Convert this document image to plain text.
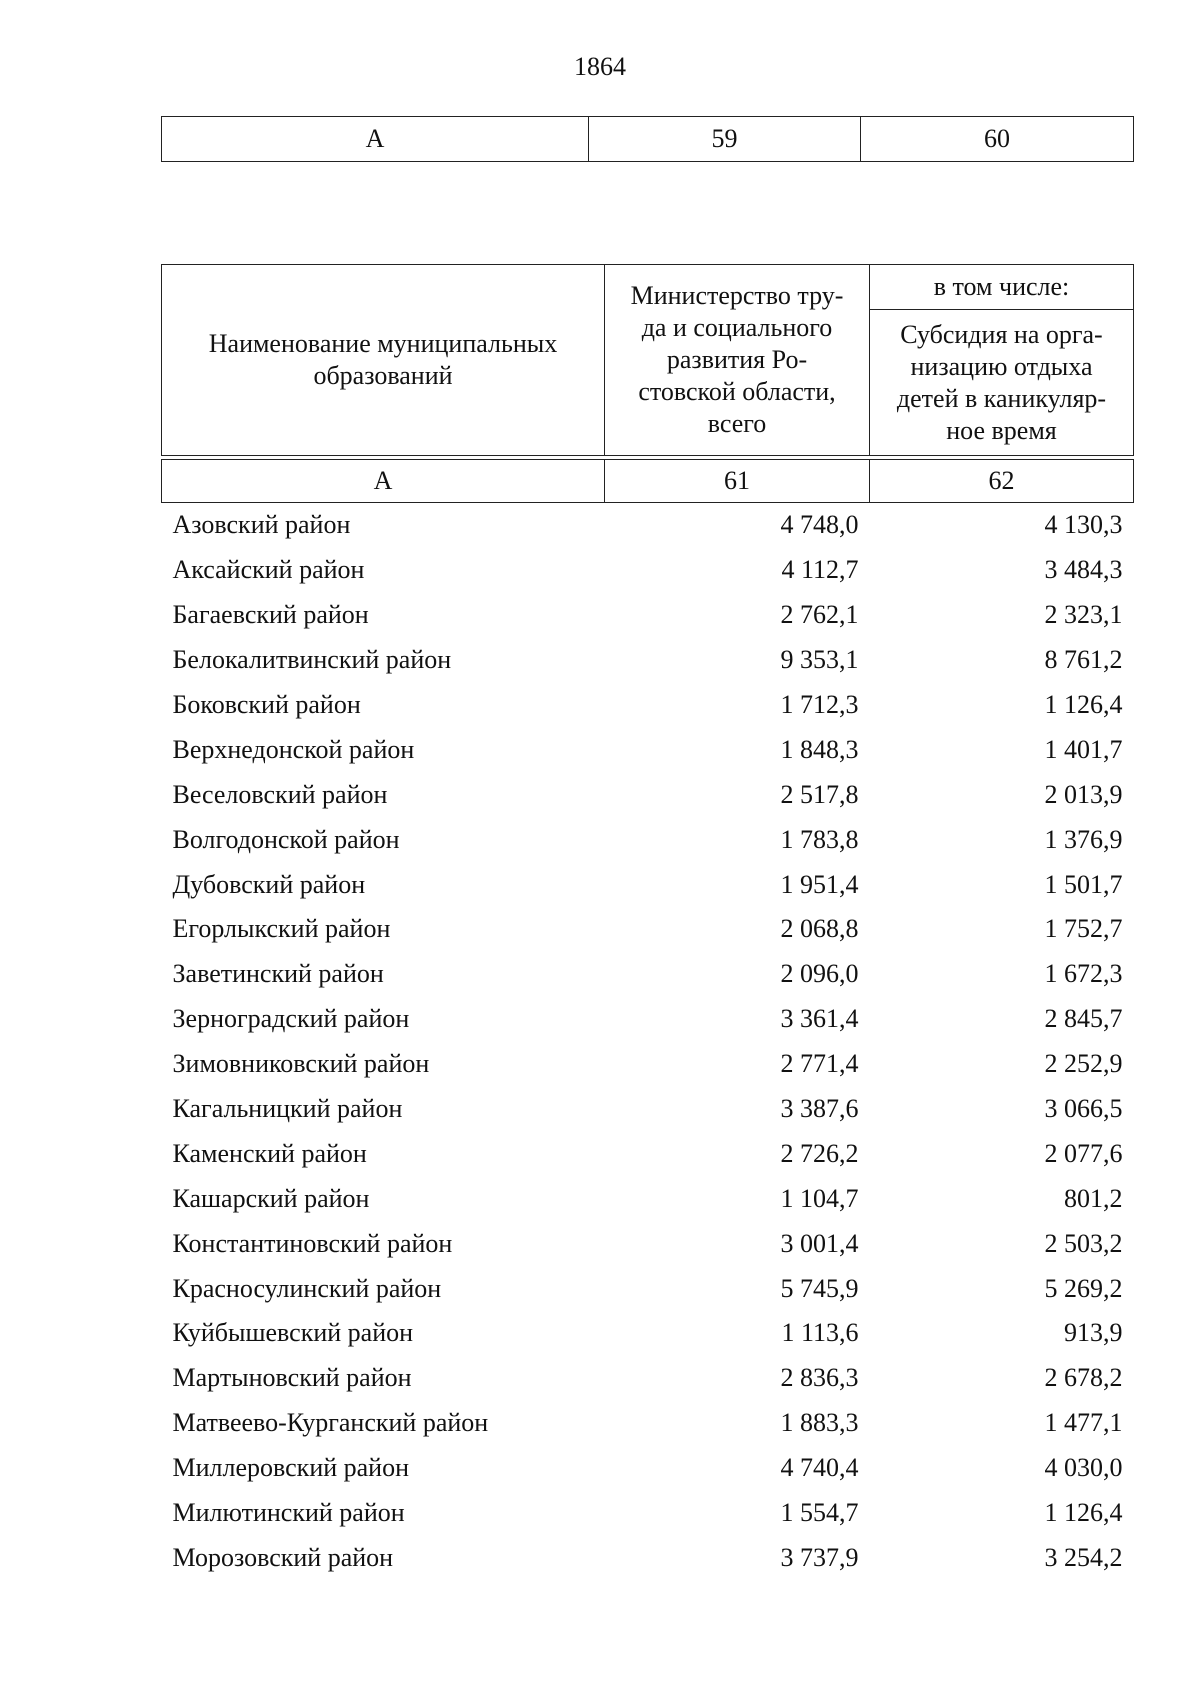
1864
А	59	60
Наименование муниципальных образований	Министерство тру-да и социального развития Ро-стовской области, всего	в том числе:
		Субсидия на орга-низацию отдыха детей в каникуляр-ное время

А	61	62
Азовский район	4 748,0	4 130,3
Аксайский район	4 112,7	3 484,3
Багаевский район	2 762,1	2 323,1
Белокалитвинский район	9 353,1	8 761,2
Боковский район	1 712,3	1 126,4
Верхнедонской район	1 848,3	1 401,7
Веселовский район	2 517,8	2 013,9
Волгодонской район	1 783,8	1 376,9
Дубовский район	1 951,4	1 501,7
Егорлыкский район	2 068,8	1 752,7
Заветинский район	2 096,0	1 672,3
Зерноградский район	3 361,4	2 845,7
Зимовниковский район	2 771,4	2 252,9
Кагальницкий район	3 387,6	3 066,5
Каменский район	2 726,2	2 077,6
Кашарский район	1 104,7	801,2
Константиновский район	3 001,4	2 503,2
Красносулинский район	5 745,9	5 269,2
Куйбышевский район	1 113,6	913,9
Мартыновский район	2 836,3	2 678,2
Матвеево-Курганский район	1 883,3	1 477,1
Миллеровский район	4 740,4	4 030,0
Милютинский район	1 554,7	1 126,4
Морозовский район	3 737,9	3 254,2
